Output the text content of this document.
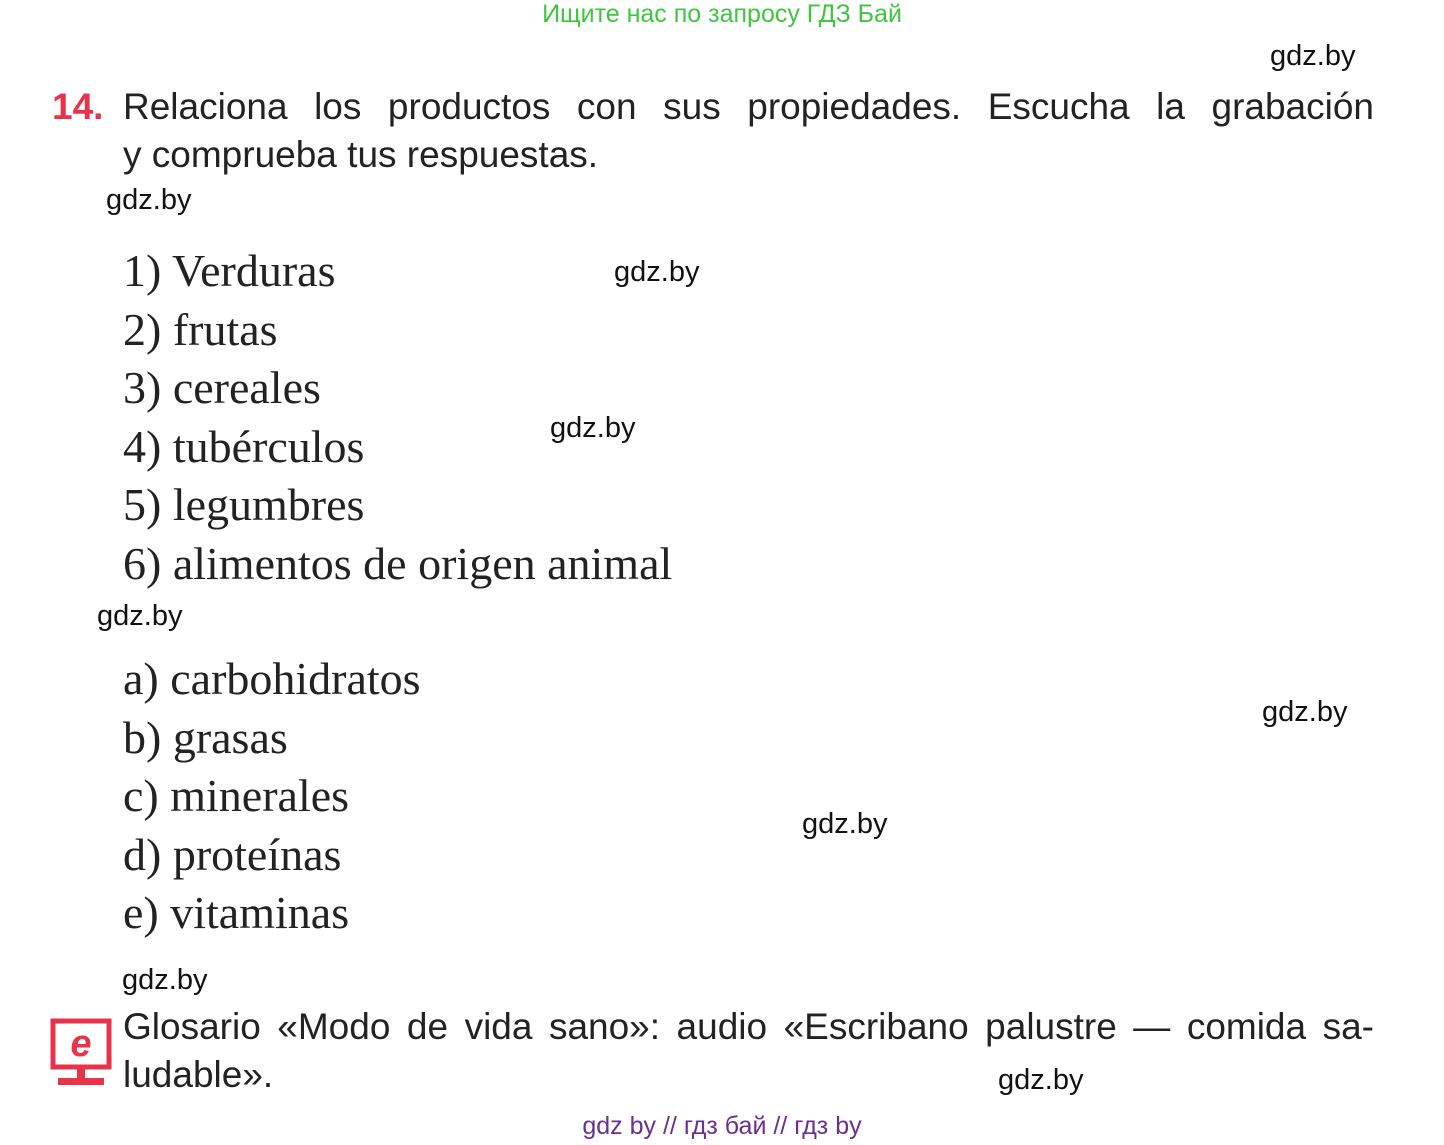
Ищите нас по запросу ГДЗ Бай
gdz.by
14. Relaciona los productos con sus propiedades. Escucha la grabación
y comprueba tus respuestas.
gdz.by
1) Verduras
2) frutas
3) cereales
4) tubérculos
5) legumbres
6) alimentos de origen animal
gdz.by
gdz.by
gdz.by
a) carbohidratos
b) grasas
c) minerales
d) proteínas
e) vitaminas
gdz.by
gdz.by
gdz.by
e Glosario «Modo de vida sano»: audio «Escribano palustre — comida sa-
ludable».	gdz.by
gdz by // гдз бай // гдз by
